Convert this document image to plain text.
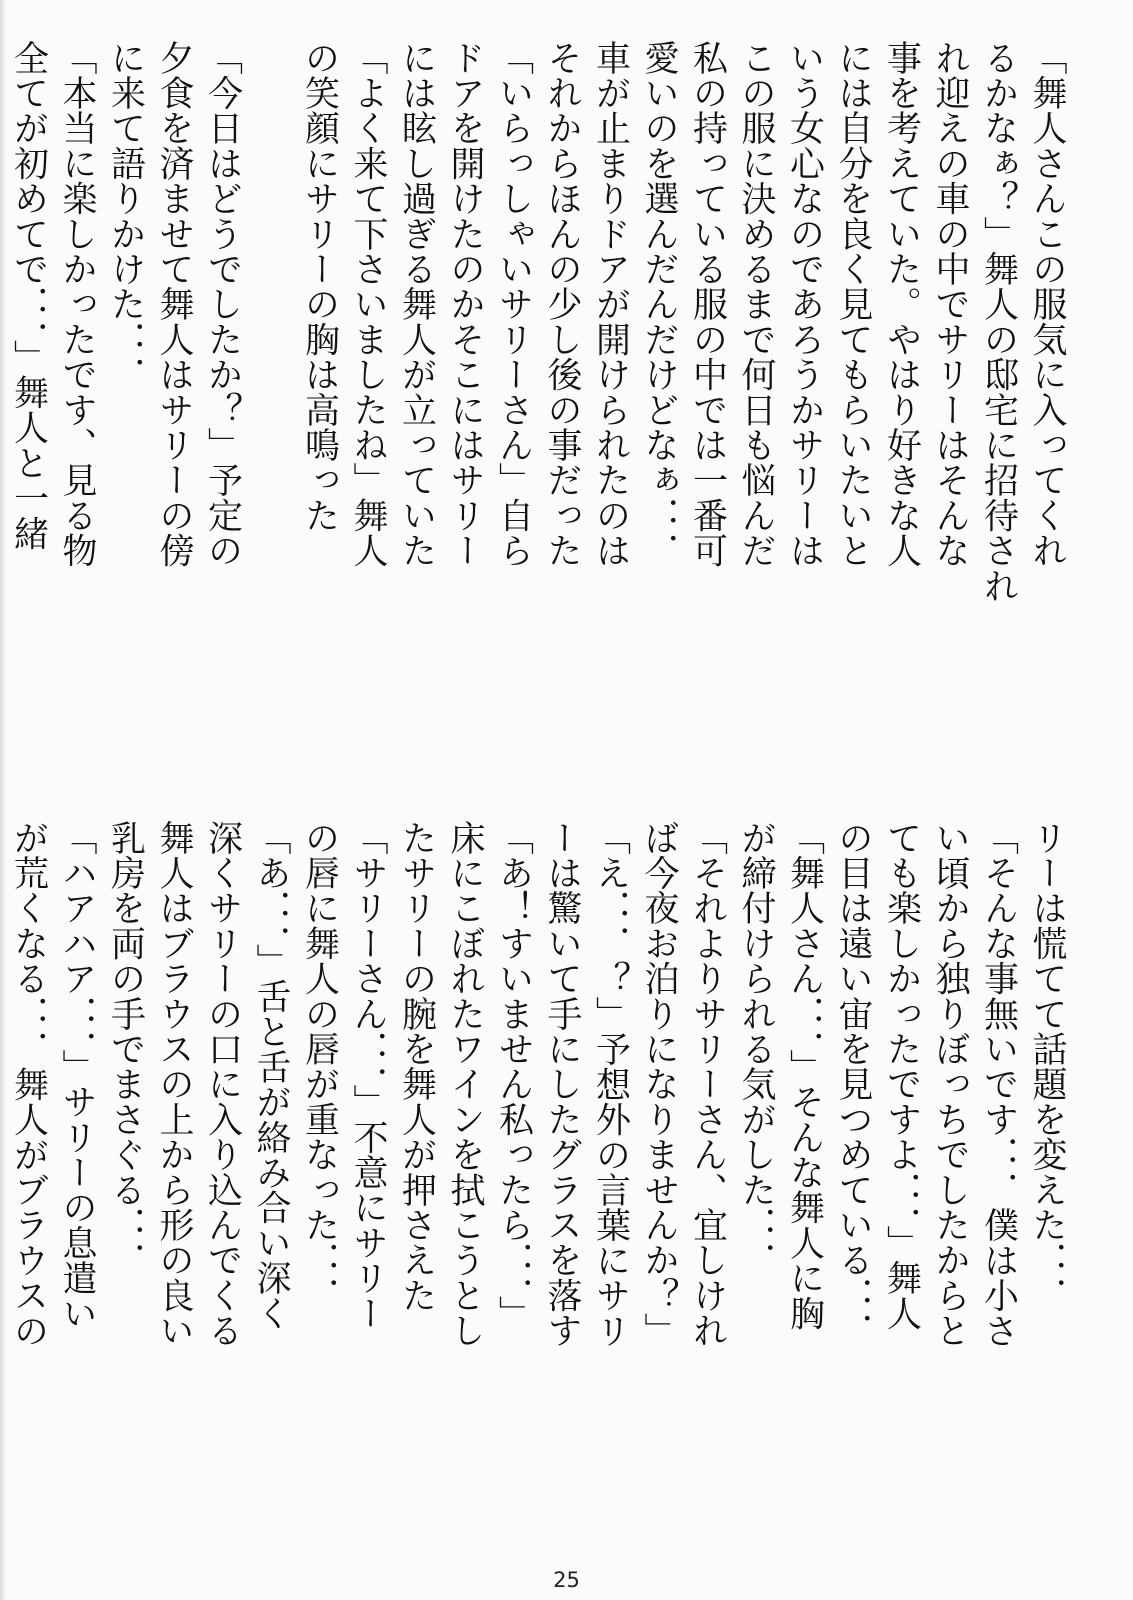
「舞人さんこの服気に入ってくれ
るかなぁ？」舞人の邸宅に招待され
れ迎えの車の中でサリーはそんな
事を考えていた。やはり好きな人
には自分を良く見てもらいたいと
いう女心なのであろうかサリーは
この服に決めるまで何日も悩んだ
私の持っている服の中では一番可
愛いのを選んだんだけどなぁ．．．
車が止まりドアが開けられたのは
それからほんの少し後の事だった
「いらっしゃいサリーさん」自ら
ドアを開けたのかそこにはサリー
には眩し過ぎる舞人が立っていた
「よく来て下さいましたね」舞人
の笑顔にサリーの胸は高鳴った

「今日はどうでしたか？」予定の
夕食を済ませて舞人はサリーの傍
に来て語りかけた．．．
「本当に楽しかったです、見る物
全てが初めてで．．．」舞人と一緒
リーは慌てて話題を変えた．．．
「そんな事無いです．．．僕は小さ
い頃から独りぼっちでしたからと
ても楽しかったですよ．．．」舞人
の目は遠い宙を見つめている．．．
「舞人さん．．．」そんな舞人に胸
が締付けられる気がした．．．
「それよりサリーさん、宜しけれ
ば今夜お泊りになりませんか？」
「え．．．？」予想外の言葉にサリ
ーは驚いて手にしたグラスを落す
「あ！すいません私ったら．．．」
床にこぼれたワインを拭こうとし
たサリーの腕を舞人が押さえた
「サリーさん．．．」不意にサリー
の唇に舞人の唇が重なった．．．
「あ．．．」舌と舌が絡み合い深く
深くサリーの口に入り込んでくる
舞人はブラウスの上から形の良い
乳房を両の手でまさぐる．．．
「ハアハア．．．」サリーの息遣い
が荒くなる．．．舞人がブラウスの
25
